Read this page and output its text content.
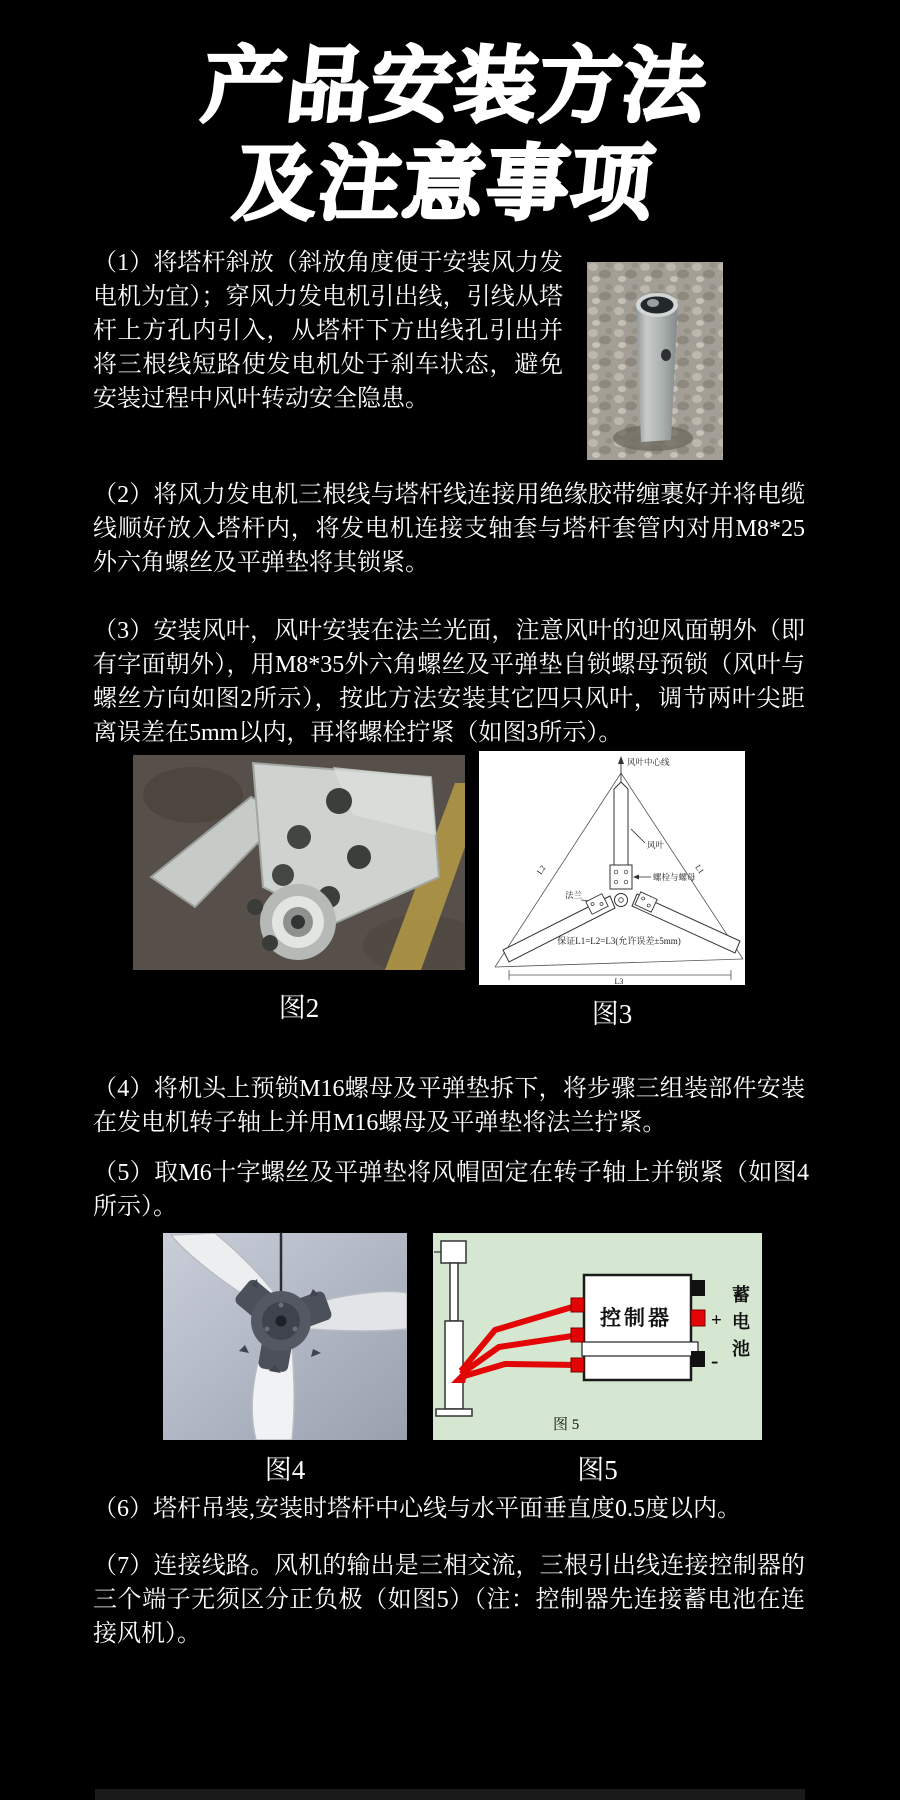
产品安装方法
及注意事项
（1）将塔杆斜放（斜放角度便于安装风力发电机为宜）；穿风力发电机引出线，引线从塔杆上方孔内引入，从塔杆下方出线孔引出并将三根线短路使发电机处于刹车状态，避免安装过程中风叶转动安全隐患。
（2）将风力发电机三根线与塔杆线连接用绝缘胶带缠裹好并将电缆线顺好放入塔杆内，将发电机连接支轴套与塔杆套管内对用M8*25外六角螺丝及平弹垫将其锁紧。
（3）安装风叶，风叶安装在法兰光面，注意风叶的迎风面朝外（即有字面朝外），用M8*35外六角螺丝及平弹垫自锁螺母预锁（风叶与螺丝方向如图2所示），按此方法安装其它四只风叶，调节两叶尖距离误差在5mm以内，再将螺栓拧紧（如图3所示）。
风叶中心线
风叶
螺栓与螺母
法兰
L2	L1
保证L1=L2=L3(允许误差±5mm)
L3
图2	图3
（4）将机头上预锁M16螺母及平弹垫拆下，将步骤三组装部件安装在发电机转子轴上并用M16螺母及平弹垫将法兰拧紧。
（5）取M6十字螺丝及平弹垫将风帽固定在转子轴上并锁紧（如图4所示）。
控制器 +
-
图 5
蓄电池
图4	图5
（6）塔杆吊装,安装时塔杆中心线与水平面垂直度0.5度以内。
（7）连接线路。风机的输出是三相交流，三根引出线连接控制器的三个端子无须区分正负极（如图5）（注：控制器先连接蓄电池在连接风机）。
